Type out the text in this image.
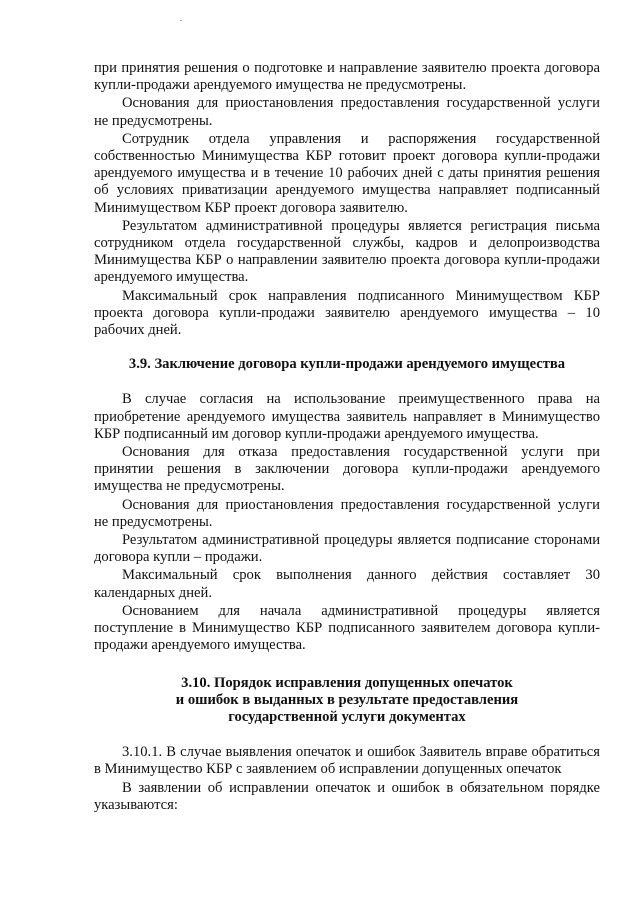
при принятия решения о подготовке и направление заявителю проекта договора купли-продажи арендуемого имущества не предусмотрены.

Основания для приостановления предоставления государственной услуги не предусмотрены.

Сотрудник отдела управления и распоряжения государственной собственностью Минимущества КБР готовит проект договора купли-продажи арендуемого имущества и в течение 10 рабочих дней с даты принятия решения об условиях приватизации арендуемого имущества направляет подписанный Минимуществом КБР проект договора заявителю.

Результатом административной процедуры является регистрация письма сотрудником отдела государственной службы, кадров и делопроизводства Минимущества КБР о направлении заявителю проекта договора купли-продажи арендуемого имущества.

Максимальный срок направления подписанного Минимуществом КБР проекта договора купли-продажи заявителю арендуемого имущества – 10 рабочих дней.

3.9. Заключение договора купли-продажи арендуемого имущества

В случае согласия на использование преимущественного права на приобретение арендуемого имущества заявитель направляет в Минимущество КБР подписанный им договор купли-продажи арендуемого имущества.

Основания для отказа предоставления государственной услуги при принятии решения в заключении договора купли-продажи арендуемого имущества не предусмотрены.

Основания для приостановления предоставления государственной услуги не предусмотрены.

Результатом административной процедуры является подписание сторонами договора купли – продажи.

Максимальный срок выполнения данного действия составляет 30 календарных дней.

Основанием для начала административной процедуры является поступление в Минимущество КБР подписанного заявителем договора купли-продажи арендуемого имущества.

3.10. Порядок исправления допущенных опечаток

и ошибок в выданных в результате предоставления

государственной услуги документах

3.10.1. В случае выявления опечаток и ошибок Заявитель вправе обратиться в Минимущество КБР с заявлением об исправлении допущенных опечаток

В заявлении об исправлении опечаток и ошибок в обязательном порядке указываются:
